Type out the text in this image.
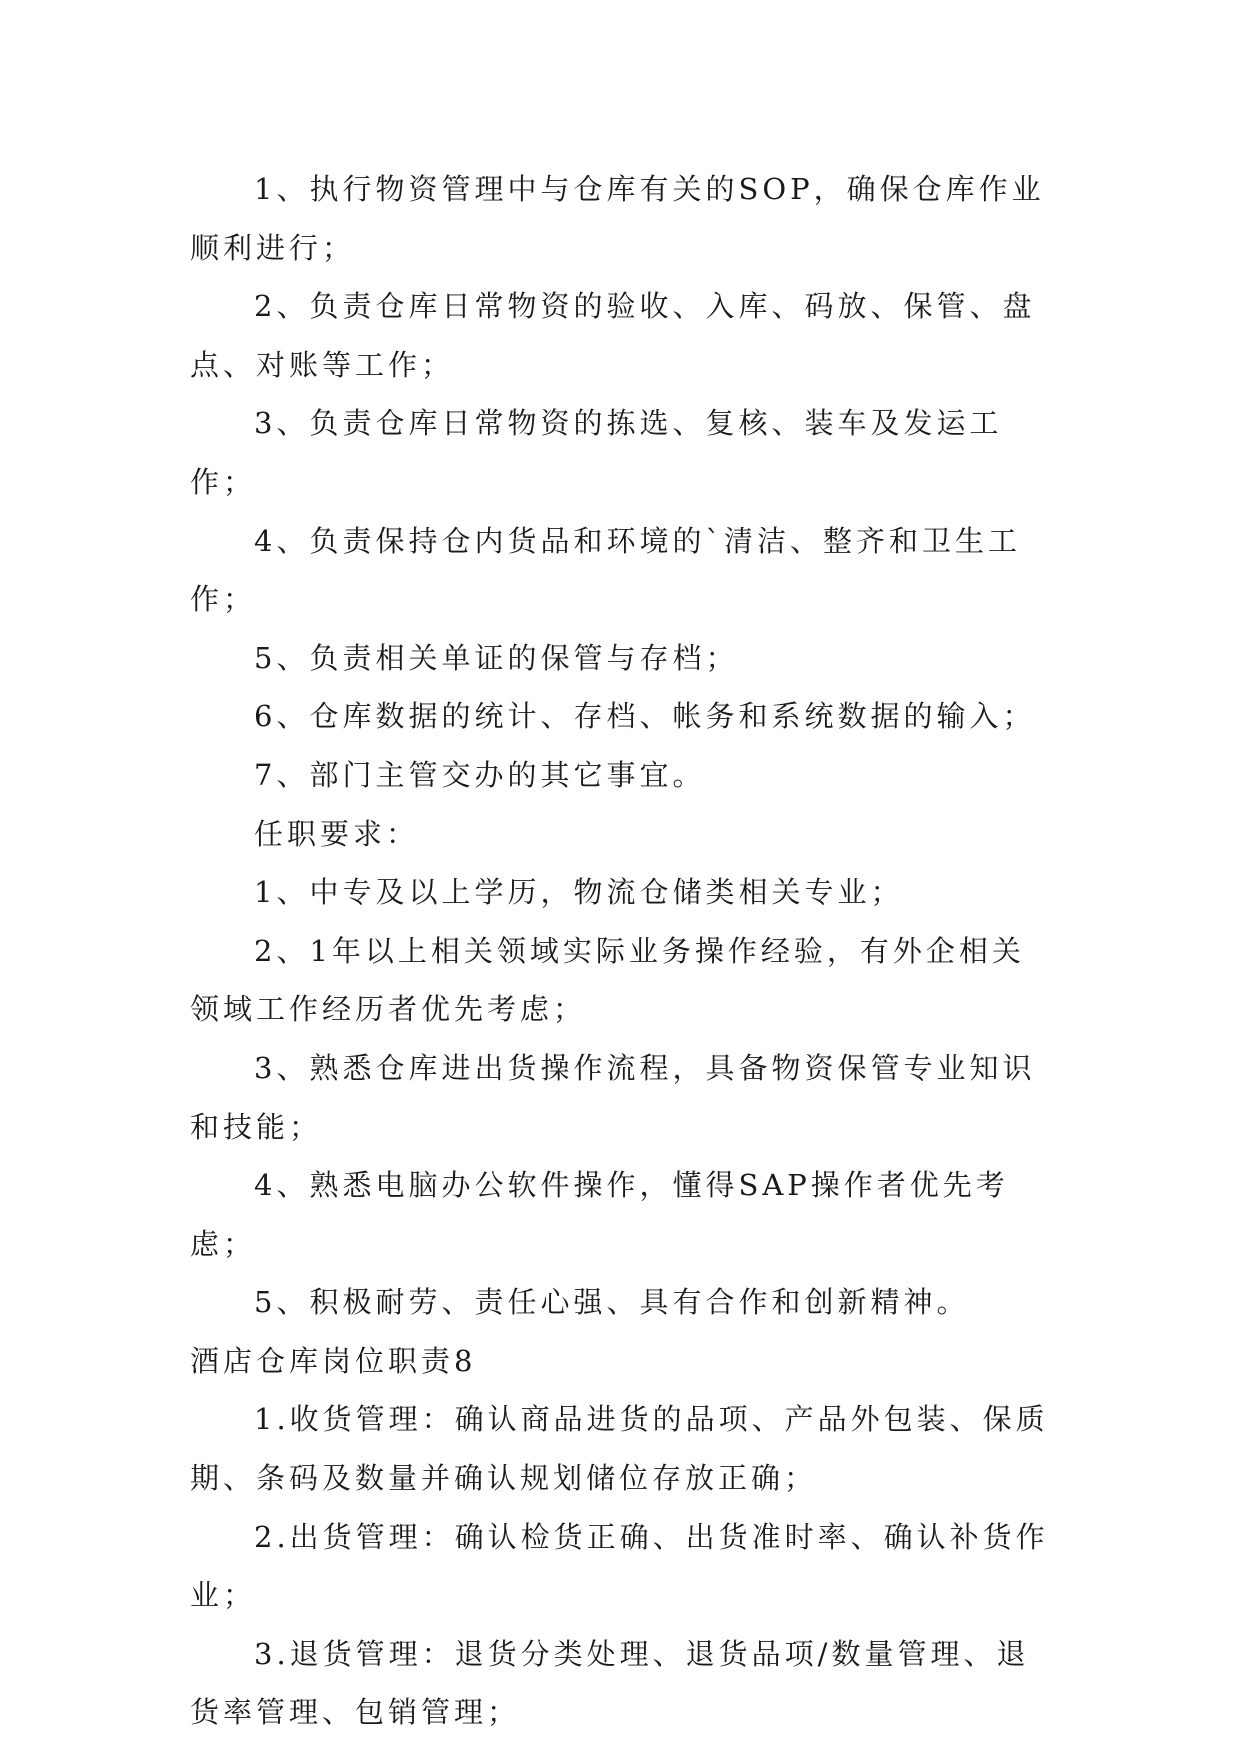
1、执行物资管理中与仓库有关的SOP，确保仓库作业顺利进行；

2、负责仓库日常物资的验收、入库、码放、保管、盘点、对账等工作；

3、负责仓库日常物资的拣选、复核、装车及发运工作；

4、负责保持仓内货品和环境的`清洁、整齐和卫生工作；

5、负责相关单证的保管与存档；

6、仓库数据的统计、存档、帐务和系统数据的输入；

7、部门主管交办的其它事宜。

任职要求：

1、中专及以上学历，物流仓储类相关专业；

2、1年以上相关领域实际业务操作经验，有外企相关领域工作经历者优先考虑；

3、熟悉仓库进出货操作流程，具备物资保管专业知识和技能；

4、熟悉电脑办公软件操作，懂得SAP操作者优先考虑；

5、积极耐劳、责任心强、具有合作和创新精神。

酒店仓库岗位职责8

1.收货管理：确认商品进货的品项、产品外包装、保质期、条码及数量并确认规划储位存放正确；

2.出货管理：确认检货正确、出货准时率、确认补货作业；

3.退货管理：退货分类处理、退货品项/数量管理、退货率管理、包销管理；
